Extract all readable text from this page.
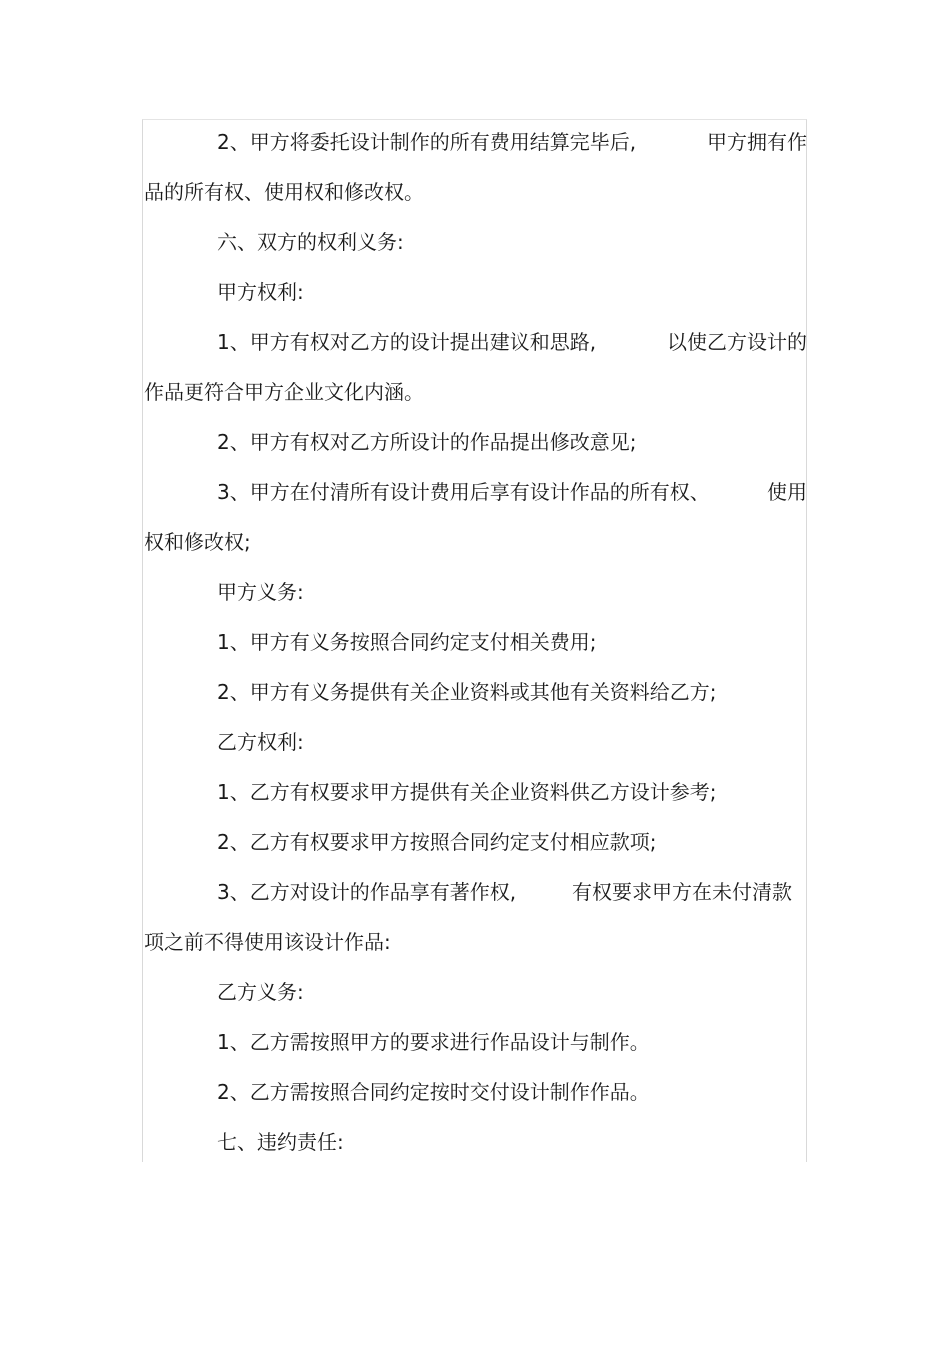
2、甲方将委托设计制作的所有费用结算完毕后,	甲方拥有作
品的所有权、使用权和修改权。
六、双方的权利义务:
甲方权利:
1、甲方有权对乙方的设计提出建议和思路,	以使乙方设计的
作品更符合甲方企业文化内涵。
2、甲方有权对乙方所设计的作品提出修改意见;
3、甲方在付清所有设计费用后享有设计作品的所有权、	使用
权和修改权;
甲方义务:
1、甲方有义务按照合同约定支付相关费用;
2、甲方有义务提供有关企业资料或其他有关资料给乙方;
乙方权利:
1、乙方有权要求甲方提供有关企业资料供乙方设计参考;
2、乙方有权要求甲方按照合同约定支付相应款项;
3、乙方对设计的作品享有著作权,	有权要求甲方在未付清款
项之前不得使用该设计作品:
乙方义务:
1、乙方需按照甲方的要求进行作品设计与制作。
2、乙方需按照合同约定按时交付设计制作作品。
七、违约责任:
